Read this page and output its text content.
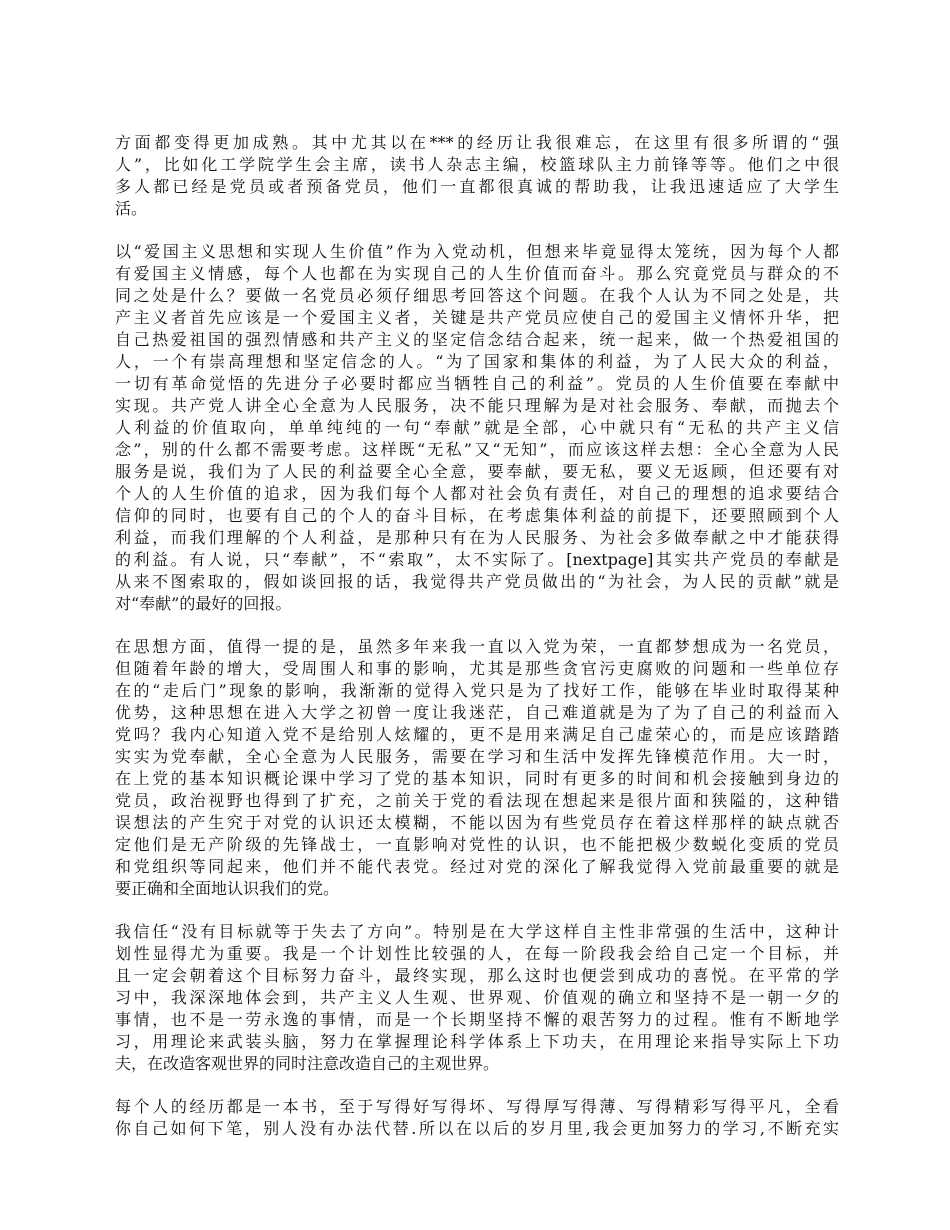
方面都变得更加成熟。其中尤其以在***的经历让我很难忘，在这里有很多所谓的“强
人”，比如化工学院学生会主席，读书人杂志主编，校篮球队主力前锋等等。他们之中很
多人都已经是党员或者预备党员，他们一直都很真诚的帮助我，让我迅速适应了大学生
活。
以“爱国主义思想和实现人生价值”作为入党动机，但想来毕竟显得太笼统，因为每个人都
有爱国主义情感，每个人也都在为实现自己的人生价值而奋斗。那么究竟党员与群众的不
同之处是什么？要做一名党员必须仔细思考回答这个问题。在我个人认为不同之处是，共
产主义者首先应该是一个爱国主义者，关键是共产党员应使自己的爱国主义情怀升华，把
自己热爱祖国的强烈情感和共产主义的坚定信念结合起来，统一起来，做一个热爱祖国的
人，一个有崇高理想和坚定信念的人。“为了国家和集体的利益，为了人民大众的利益，
一切有革命觉悟的先进分子必要时都应当牺牲自己的利益”。党员的人生价值要在奉献中
实现。共产党人讲全心全意为人民服务，决不能只理解为是对社会服务、奉献，而抛去个
人利益的价值取向，单单纯纯的一句“奉献”就是全部，心中就只有“无私的共产主义信
念”，别的什么都不需要考虑。这样既“无私”又“无知”，而应该这样去想：全心全意为人民
服务是说，我们为了人民的利益要全心全意，要奉献，要无私，要义无返顾，但还要有对
个人的人生价值的追求，因为我们每个人都对社会负有责任，对自己的理想的追求要结合
信仰的同时，也要有自己的个人的奋斗目标，在考虑集体利益的前提下，还要照顾到个人
利益，而我们理解的个人利益，是那种只有在为人民服务、为社会多做奉献之中才能获得
的利益。有人说，只“奉献”，不“索取”，太不实际了。[nextpage]其实共产党员的奉献是
从来不图索取的，假如谈回报的话，我觉得共产党员做出的“为社会，为人民的贡献”就是
对“奉献”的最好的回报。
在思想方面，值得一提的是，虽然多年来我一直以入党为荣，一直都梦想成为一名党员，
但随着年龄的增大，受周围人和事的影响，尤其是那些贪官污吏腐败的问题和一些单位存
在的“走后门”现象的影响，我渐渐的觉得入党只是为了找好工作，能够在毕业时取得某种
优势，这种思想在进入大学之初曾一度让我迷茫，自己难道就是为了为了自己的利益而入
党吗？我内心知道入党不是给别人炫耀的，更不是用来满足自己虚荣心的，而是应该踏踏
实实为党奉献，全心全意为人民服务，需要在学习和生活中发挥先锋模范作用。大一时，
在上党的基本知识概论课中学习了党的基本知识，同时有更多的时间和机会接触到身边的
党员，政治视野也得到了扩充，之前关于党的看法现在想起来是很片面和狭隘的，这种错
误想法的产生究于对党的认识还太模糊，不能以因为有些党员存在着这样那样的缺点就否
定他们是无产阶级的先锋战士，一直影响对党性的认识，也不能把极少数蜕化变质的党员
和党组织等同起来，他们并不能代表党。经过对党的深化了解我觉得入党前最重要的就是
要正确和全面地认识我们的党。
我信任“没有目标就等于失去了方向”。特别是在大学这样自主性非常强的生活中，这种计
划性显得尤为重要。我是一个计划性比较强的人，在每一阶段我会给自己定一个目标，并
且一定会朝着这个目标努力奋斗，最终实现，那么这时也便尝到成功的喜悦。在平常的学
习中，我深深地体会到，共产主义人生观、世界观、价值观的确立和坚持不是一朝一夕的
事情，也不是一劳永逸的事情，而是一个长期坚持不懈的艰苦努力的过程。惟有不断地学
习，用理论来武装头脑，努力在掌握理论科学体系上下功夫，在用理论来指导实际上下功
夫，在改造客观世界的同时注意改造自己的主观世界。
每个人的经历都是一本书，至于写得好写得坏、写得厚写得薄、写得精彩写得平凡，全看
你自己如何下笔，别人没有办法代替.所以在以后的岁月里,我会更加努力的学习,不断充实
